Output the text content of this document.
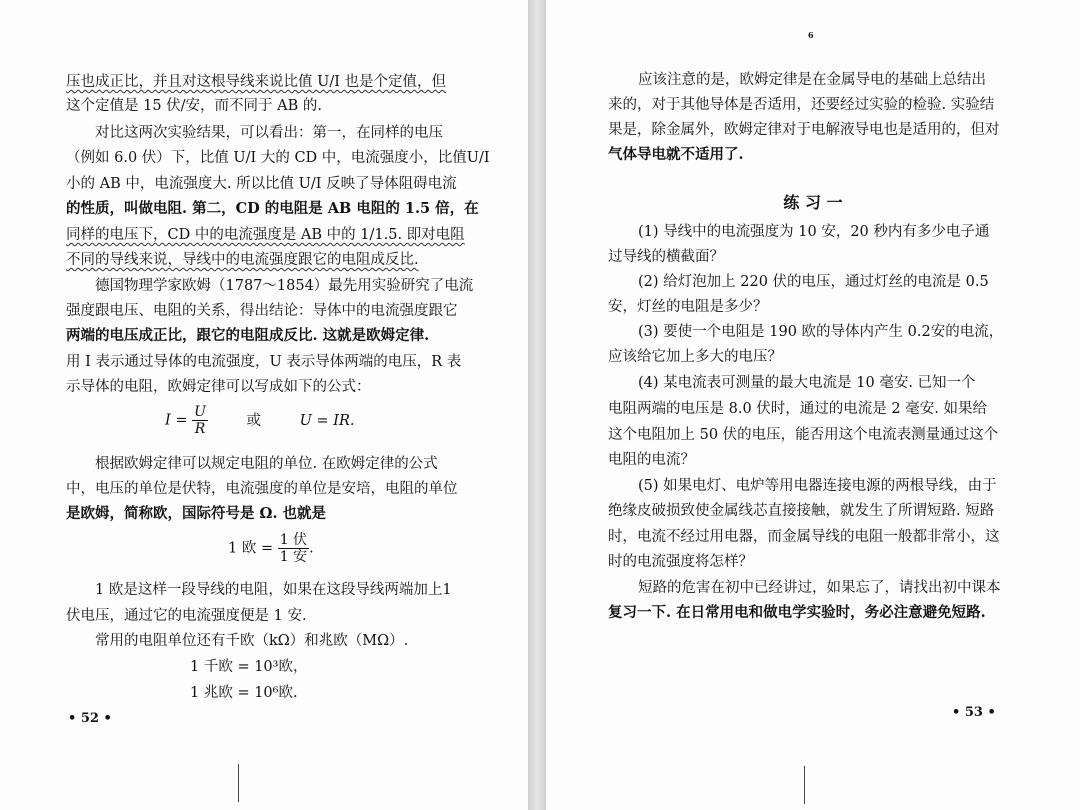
压也成正比，并且对这根导线来说比值 U/I 也是个定值，但
这个定值是 15 伏/安，而不同于 AB 的.
对比这两次实验结果，可以看出：第一，在同样的电压
（例如 6.0 伏）下，比值 U/I 大的 CD 中，电流强度小，比值U/I
小的 AB 中，电流强度大. 所以比值 U/I 反映了导体阻碍电流
的性质，叫做电阻. 第二，CD 的电阻是 AB 电阻的 1.5 倍，在
同样的电压下，CD 中的电流强度是 AB 中的 1/1.5. 即对电阻
不同的导线来说，导线中的电流强度跟它的电阻成反比.
德国物理学家欧姆（1787～1854）最先用实验研究了电流
强度跟电压、电阻的关系，得出结论：导体中的电流强度跟它
两端的电压成正比，跟它的电阻成反比. 这就是欧姆定律.
用 I 表示通过导体的电流强度，U 表示导体两端的电压，R 表
示导体的电阻，欧姆定律可以写成如下的公式：
$I = \frac{U}{R}$	或	U = IR.
根据欧姆定律可以规定电阻的单位. 在欧姆定律的公式
中，电压的单位是伏特，电流强度的单位是安培，电阻的单位
是欧姆，简称欧，国际符号是 Ω. 也就是
1 欧 = $\frac{\text{1 伏}}{\text{1 安}}$ .
1 欧是这样一段导线的电阻，如果在这段导线两端加上1
伏电压，通过它的电流强度便是 1 安.
常用的电阻单位还有千欧（kΩ）和兆欧（MΩ）.
1 千欧 = 10³欧，
1 兆欧 = 10⁶欧.
• 52 •
6
应该注意的是，欧姆定律是在金属导电的基础上总结出
来的，对于其他导体是否适用，还要经过实验的检验. 实验结
果是，除金属外，欧姆定律对于电解液导电也是适用的，但对
气体导电就不适用了.
练 习 一
(1) 导线中的电流强度为 10 安，20 秒内有多少电子通
过导线的横截面？
(2) 给灯泡加上 220 伏的电压，通过灯丝的电流是 0.5
安，灯丝的电阻是多少？
(3) 要使一个电阻是 190 欧的导体内产生 0.2安的电流，
应该给它加上多大的电压？
(4) 某电流表可测量的最大电流是 10 毫安. 已知一个
电阻两端的电压是 8.0 伏时，通过的电流是 2 毫安. 如果给
这个电阻加上 50 伏的电压，能否用这个电流表测量通过这个
电阻的电流？
(5) 如果电灯、电炉等用电器连接电源的两根导线，由于
绝缘皮破损致使金属线芯直接接触，就发生了所谓短路. 短路
时，电流不经过用电器，而金属导线的电阻一般都非常小，这
时的电流强度将怎样？
短路的危害在初中已经讲过，如果忘了，请找出初中课本
复习一下. 在日常用电和做电学实验时，务必注意避免短路.
• 53 •
